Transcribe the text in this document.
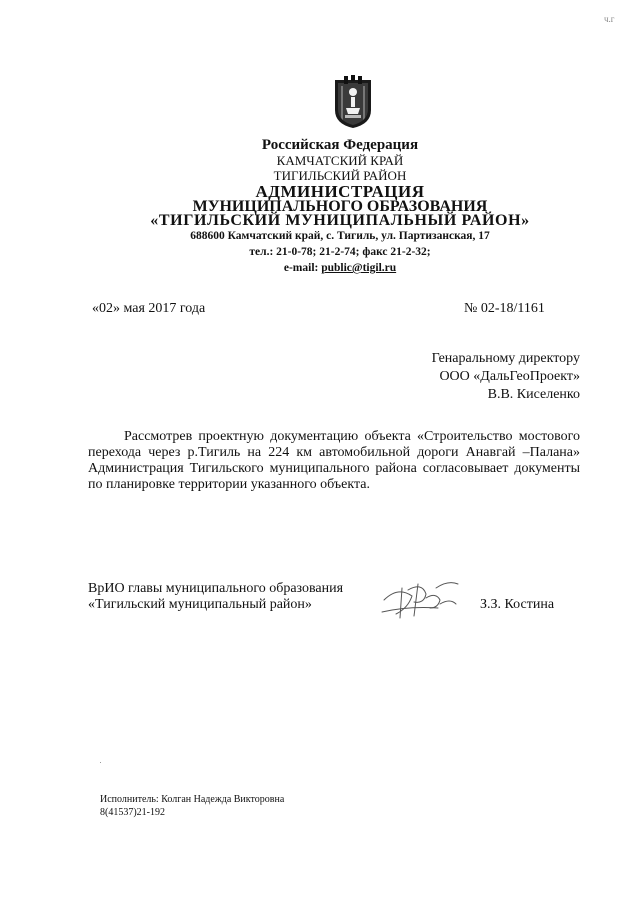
ч.г
Российская Федерация
КАМЧАТСКИЙ КРАЙ
ТИГИЛЬСКИЙ РАЙОН
АДМИНИСТРАЦИЯ
МУНИЦИПАЛЬНОГО ОБРАЗОВАНИЯ
«ТИГИЛЬСКИЙ МУНИЦИПАЛЬНЫЙ РАЙОН»
688600 Камчатский край, с. Тигиль, ул. Партизанская, 17
тел.: 21-0-78; 21-2-74; факс 21-2-32;
e-mail: public@tigil.ru
«02» мая 2017 года	№ 02-18/1161
Генаральному директору
ООО «ДальГеоПроект»
В.В. Киселенко
Рассмотрев проектную документацию объекта «Строительство мостового перехода через р.Тигиль на 224 км автомобильной дороги Анавгай –Палана» Администрация Тигильского муниципального района согласовывает документы по планировке территории указанного объекта.
ВрИО главы муниципального образования
«Тигильский муниципальный район»	З.З. Костина
Исполнитель: Колган Надежда Викторовна
8(41537)21-192
